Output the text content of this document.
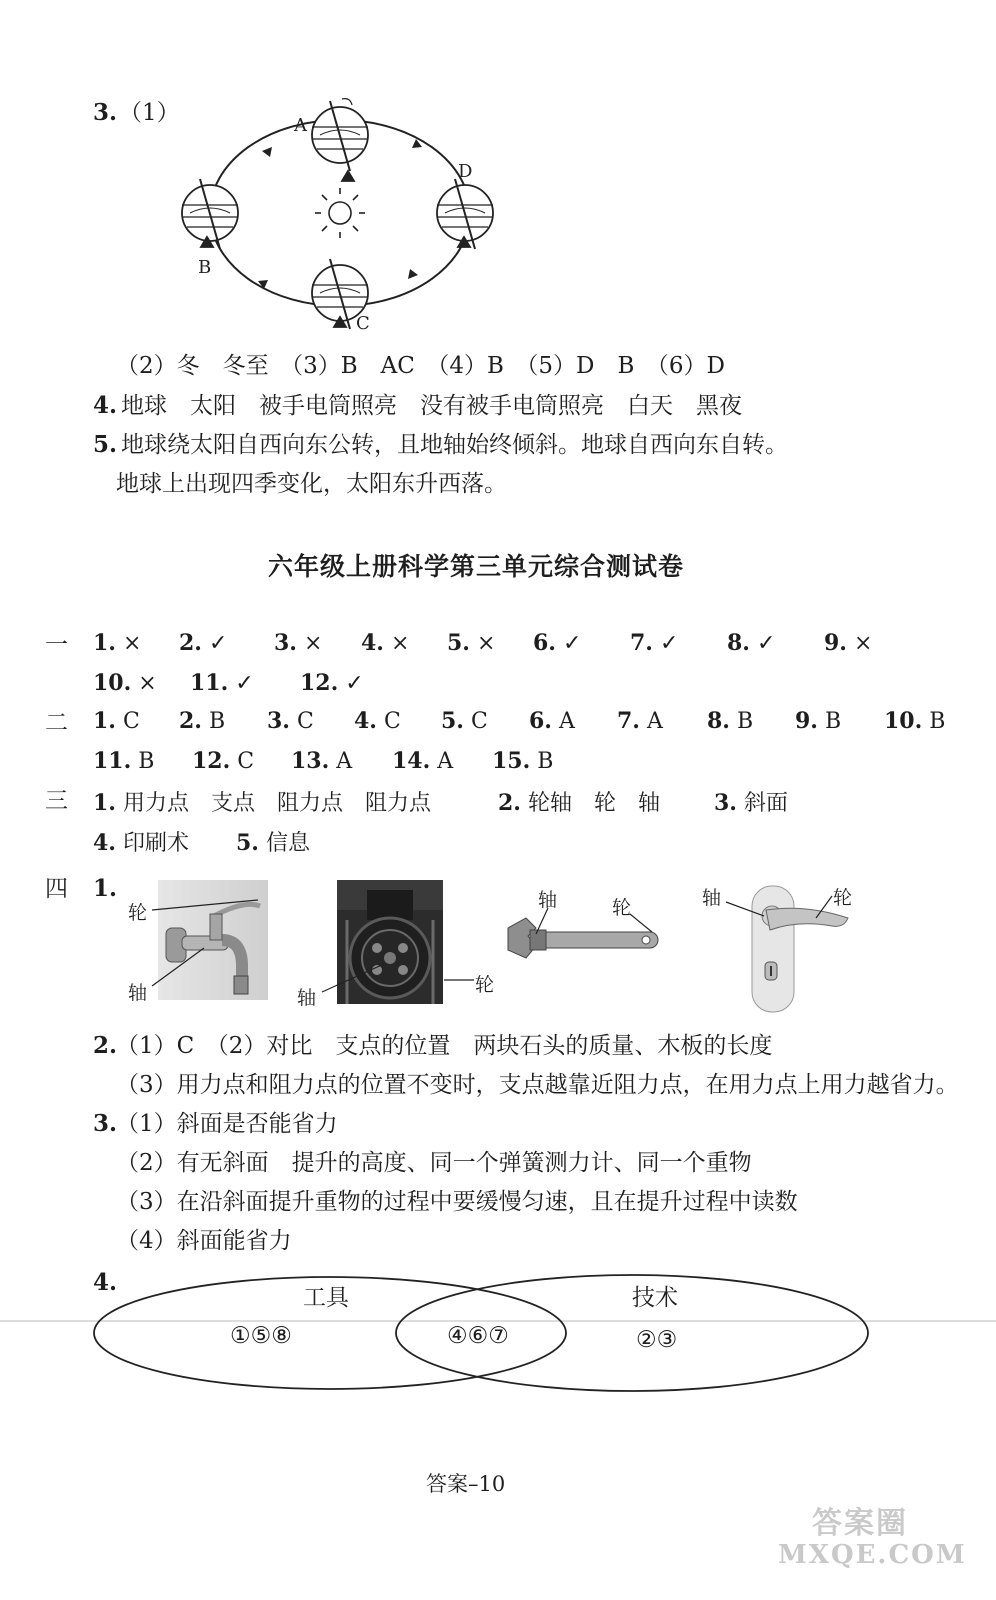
3. （1）	A
B
C
D
（2）冬　冬至　（3）B　AC　（4）B　（5）D　B　（6）D
4. 地球　太阳　被手电筒照亮　没有被手电筒照亮　白天　黑夜
5. 地球绕太阳自西向东公转，且地轴始终倾斜。地球自西向东自转。
地球上出现四季变化，太阳东升西落。
六年级上册科学第三单元综合测试卷
一 1. × 2. ✓ 3. × 4. × 5. × 6. ✓ 7. ✓ 8. ✓ 9. ×
10. × 11. ✓ 12. ✓
二 1. C 2. B 3. C 4. C 5. C 6. A 7. A 8. B 9. B 10. B
11. B 12. C 13. A 14. A 15. B
三 1. 用力点　支点　阻力点　阻力点	2. 轮轴　轮　轴 3. 斜面
4. 印刷术 5. 信息
四 1.
轮
轴	轴
轮
轴	轮	轴	轮
2.
（1）C　（2）对比　支点的位置　两块石头的质量、木板的长度
（3）用力点和阻力点的位置不变时，支点越靠近阻力点，在用力点上用力越省力。
3.
（1）斜面是否能省力
（2）有无斜面　提升的高度、同一个弹簧测力计、同一个重物
（3）在沿斜面提升重物的过程中要缓慢匀速，且在提升过程中读数
（4）斜面能省力
4.
工具
①⑤⑧	④⑥⑦
技术
②③
答案–10
答案圈
MXQE.COM
